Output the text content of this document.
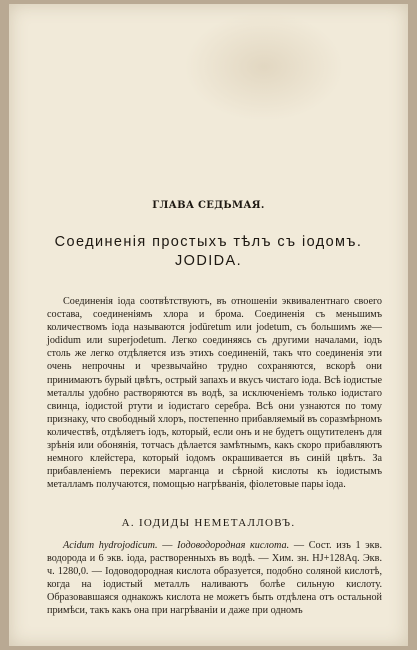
ГЛАВА СЕДЬМАЯ.
Соединенія простыхъ тѣлъ съ іодомъ.
JODIDA.

Соединенія іода соотвѣтствуютъ, въ отношеніи эквивалентнаго своего состава, соединеніямъ хлора и брома. Соединенія съ меньшимъ количествомъ іода называются jodüretum или jodetum, съ большимъ же—jodidum или superjodetum. Легко соединяясь съ другими началами, іодъ столь же легко отдѣляется изъ этихъ соединеній, такъ что соединенія эти очень непрочны и чрезвычайно трудно сохраняются, вскорѣ они принимаютъ бурый цвѣтъ, острый запахъ и вкусъ чистаго іода. Всѣ іодистые металлы удобно растворяются въ водѣ, за исключеніемъ только іодистаго свинца, іодистой ртути и іодистаго серебра. Всѣ они узнаются по тому признаку, что свободный хлоръ, постепенно прибавляемый въ соразмѣрномъ количествѣ, отдѣляетъ іодъ, который, если онъ и не будетъ ощутителенъ для зрѣнія или обонянія, тотчасъ дѣлается замѣтнымъ, какъ скоро прибавляютъ немного клейстера, который іодомъ окрашивается въ синій цвѣтъ. За прибавленіемъ перекиси марганца и сѣрной кислоты къ іодистымъ металламъ получаются, помощью нагрѣванія, фіолетовые пары іода.

А. ІОДИДЫ НЕМЕТАЛЛОВЪ.

Acidum hydrojodicum. — Іодоводородная кислота. — Сост. изъ 1 экв. водорода и 6 экв. іода, растворенныхъ въ водѣ. — Хим. зн. HJ+128Aq. Экв. ч. 1280,0. — Іодоводородная кислота образуется, подобно соляной кислотѣ, когда на іодистый металлъ наливаютъ болѣе сильную кислоту. Образовавшаяся однакожъ кислота не можетъ быть отдѣлена отъ остальной примѣси, такъ какъ она при нагрѣваніи и даже при одномъ
